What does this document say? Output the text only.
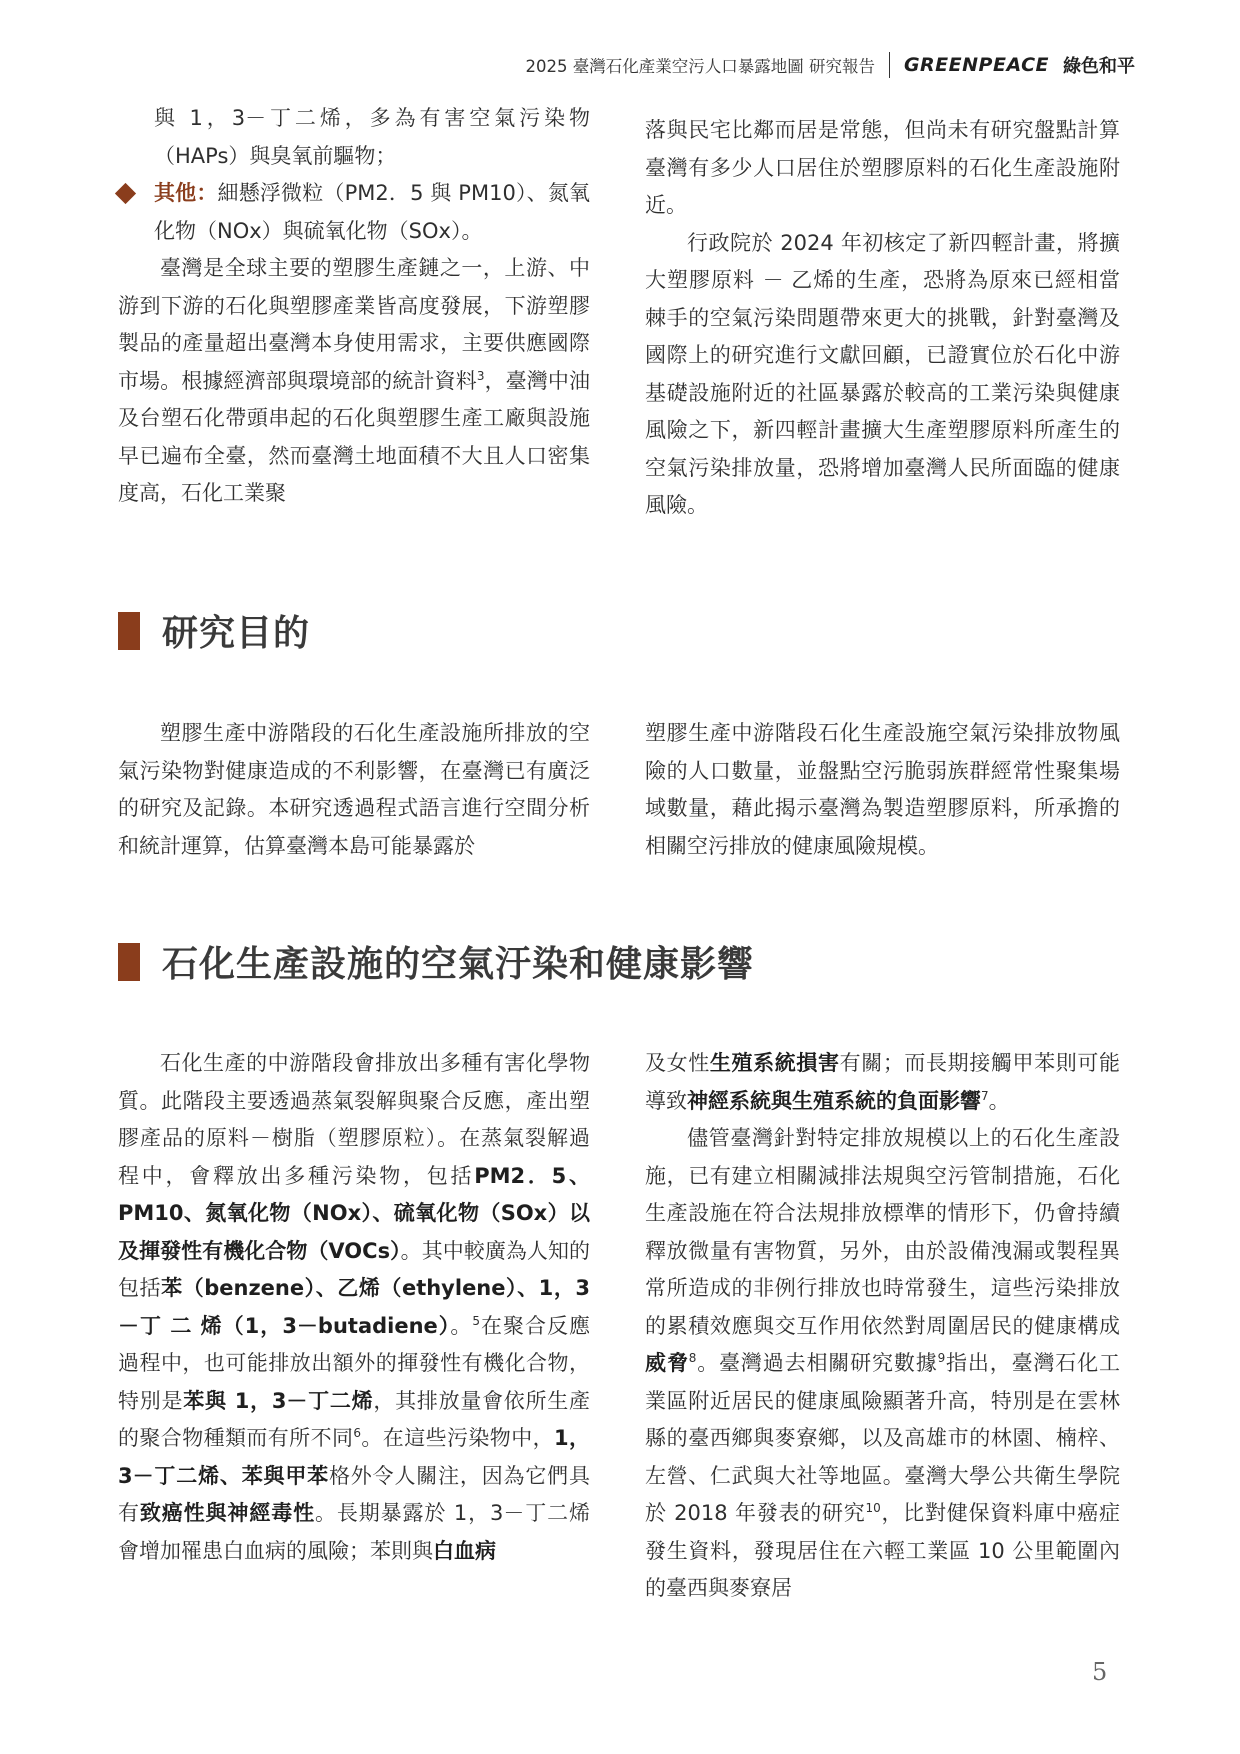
2025 臺灣石化產業空污人口暴露地圖 研究報告 GREENPEACE 綠色和平

與 1，3－丁二烯，多為有害空氣污染物（HAPs）與臭氧前驅物；

其他：細懸浮微粒（PM2．5 與 PM10）、氮氧化物（NOx）與硫氧化物（SOx）。

臺灣是全球主要的塑膠生產鏈之一，上游、中游到下游的石化與塑膠產業皆高度發展，下游塑膠製品的產量超出臺灣本身使用需求，主要供應國際市場。根據經濟部與環境部的統計資料$^3$，臺灣中油及台塑石化帶頭串起的石化與塑膠生產工廠與設施早已遍布全臺，然而臺灣土地面積不大且人口密集度高，石化工業聚

落與民宅比鄰而居是常態，但尚未有研究盤點計算臺灣有多少人口居住於塑膠原料的石化生產設施附近。

行政院於 2024 年初核定了新四輕計畫，將擴大塑膠原料 － 乙烯的生產，恐將為原來已經相當棘手的空氣污染問題帶來更大的挑戰，針對臺灣及國際上的研究進行文獻回顧，已證實位於石化中游基礎設施附近的社區暴露於較高的工業污染與健康風險之下，新四輕計畫擴大生產塑膠原料所產生的空氣污染排放量，恐將增加臺灣人民所面臨的健康風險。

研究目的

塑膠生產中游階段的石化生產設施所排放的空氣污染物對健康造成的不利影響，在臺灣已有廣泛的研究及記錄。本研究透過程式語言進行空間分析和統計運算，估算臺灣本島可能暴露於

塑膠生產中游階段石化生產設施空氣污染排放物風險的人口數量，並盤點空污脆弱族群經常性聚集場域數量，藉此揭示臺灣為製造塑膠原料，所承擔的相關空污排放的健康風險規模。

石化生產設施的空氣汙染和健康影響

石化生產的中游階段會排放出多種有害化學物質。此階段主要透過蒸氣裂解與聚合反應，產出塑膠產品的原料－樹脂（塑膠原粒）。在蒸氣裂解過程中，會釋放出多種污染物，包括PM2．5、PM10、氮氧化物（NOx）、硫氧化物（SOx）以及揮發性有機化合物（VOCs）。其中較廣為人知的包括苯（benzene）、乙烯（ethylene）、1，3－丁 二 烯（1，3－butadiene）。$^5$在聚合反應過程中，也可能排放出額外的揮發性有機化合物，特別是苯與 1，3－丁二烯，其排放量會依所生產的聚合物種類而有所不同$^6$。在這些污染物中，1，3－丁二烯、苯與甲苯格外令人關注，因為它們具有致癌性與神經毒性。長期暴露於 1，3－丁二烯會增加罹患白血病的風險；苯則與白血病

及女性生殖系統損害有關；而長期接觸甲苯則可能導致神經系統與生殖系統的負面影響$^7$。

儘管臺灣針對特定排放規模以上的石化生產設施，已有建立相關減排法規與空污管制措施，石化生產設施在符合法規排放標準的情形下，仍會持續釋放微量有害物質，另外，由於設備洩漏或製程異常所造成的非例行排放也時常發生，這些污染排放的累積效應與交互作用依然對周圍居民的健康構成威脅$^8$。臺灣過去相關研究數據$^9$指出，臺灣石化工業區附近居民的健康風險顯著升高，特別是在雲林縣的臺西鄉與麥寮鄉，以及高雄市的林園、楠梓、左營、仁武與大社等地區。臺灣大學公共衛生學院於 2018 年發表的研究$^{10}$，比對健保資料庫中癌症發生資料，發現居住在六輕工業區 10 公里範圍內的臺西與麥寮居

5
